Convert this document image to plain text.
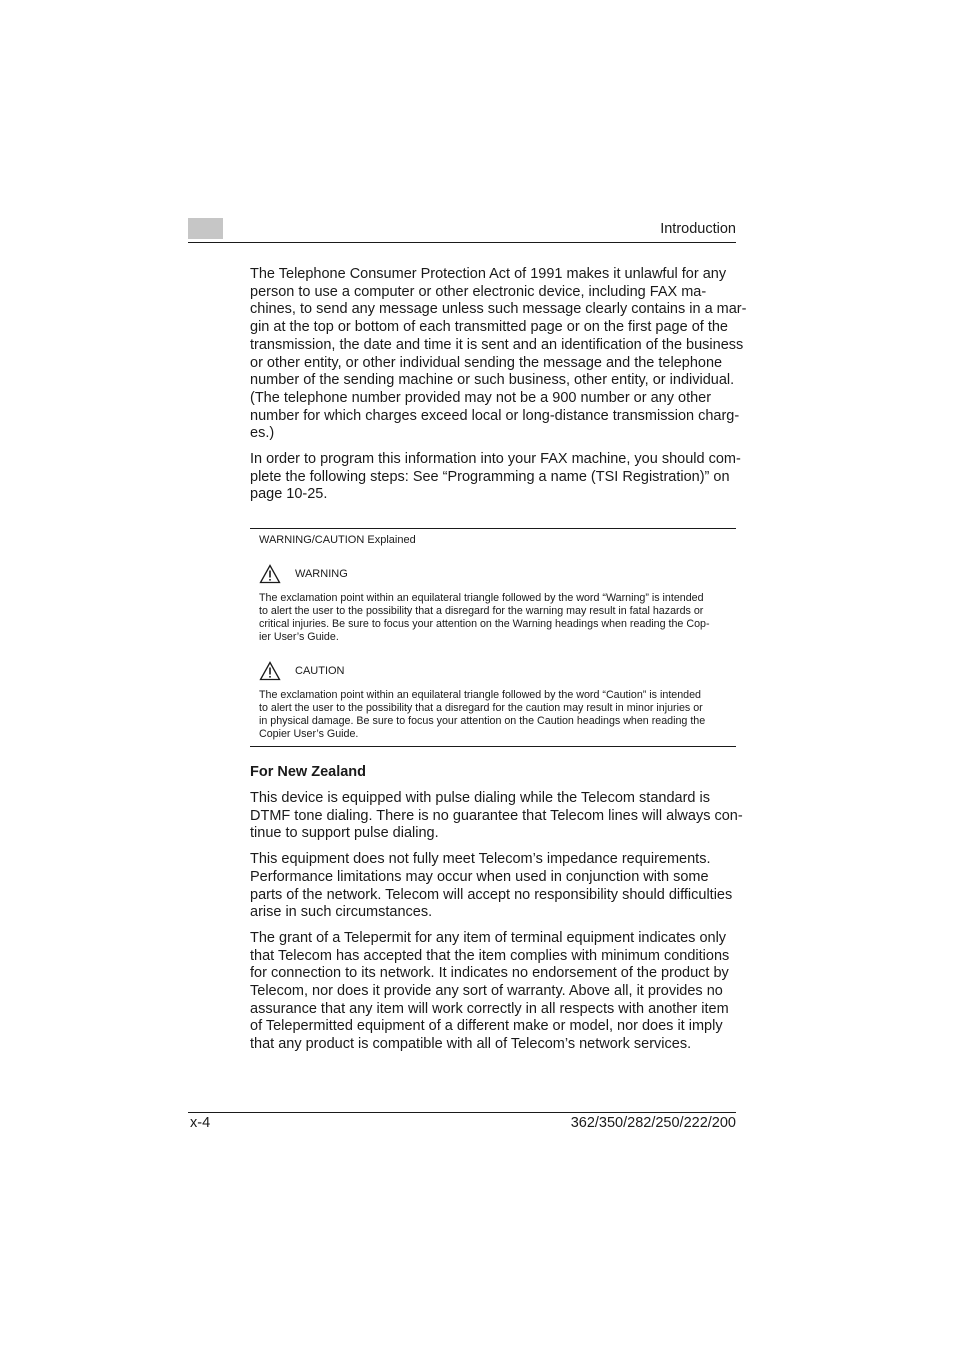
Introduction

The Telephone Consumer Protection Act of 1991 makes it unlawful for any
person to use a computer or other electronic device, including FAX ma-
chines, to send any message unless such message clearly contains in a mar-
gin at the top or bottom of each transmitted page or on the first page of the
transmission, the date and time it is sent and an identification of the business
or other entity, or other individual sending the message and the telephone
number of the sending machine or such business, other entity, or individual.
(The telephone number provided may not be a 900 number or any other
number for which charges exceed local or long-distance transmission charg-
es.)

In order to program this information into your FAX machine, you should com-
plete the following steps: See “Programming a name (TSI Registration)” on
page 10-25.

WARNING/CAUTION Explained
WARNING
The exclamation point within an equilateral triangle followed by the word “Warning” is intended
to alert the user to the possibility that a disregard for the warning may result in fatal hazards or
critical injuries. Be sure to focus your attention on the Warning headings when reading the Cop-
ier User’s Guide.
CAUTION
The exclamation point within an equilateral triangle followed by the word “Caution” is intended
to alert the user to the possibility that a disregard for the caution may result in minor injuries or
in physical damage. Be sure to focus your attention on the Caution headings when reading the
Copier User’s Guide.
For New Zealand

This device is equipped with pulse dialing while the Telecom standard is
DTMF tone dialing. There is no guarantee that Telecom lines will always con-
tinue to support pulse dialing.

This equipment does not fully meet Telecom’s impedance requirements.
Performance limitations may occur when used in conjunction with some
parts of the network. Telecom will accept no responsibility should difficulties
arise in such circumstances.

The grant of a Telepermit for any item of terminal equipment indicates only
that Telecom has accepted that the item complies with minimum conditions
for connection to its network. It indicates no endorsement of the product by
Telecom, nor does it provide any sort of warranty. Above all, it provides no
assurance that any item will work correctly in all respects with another item
of Telepermitted equipment of a different make or model, nor does it imply
that any product is compatible with all of Telecom’s network services.

x-4	362/350/282/250/222/200
